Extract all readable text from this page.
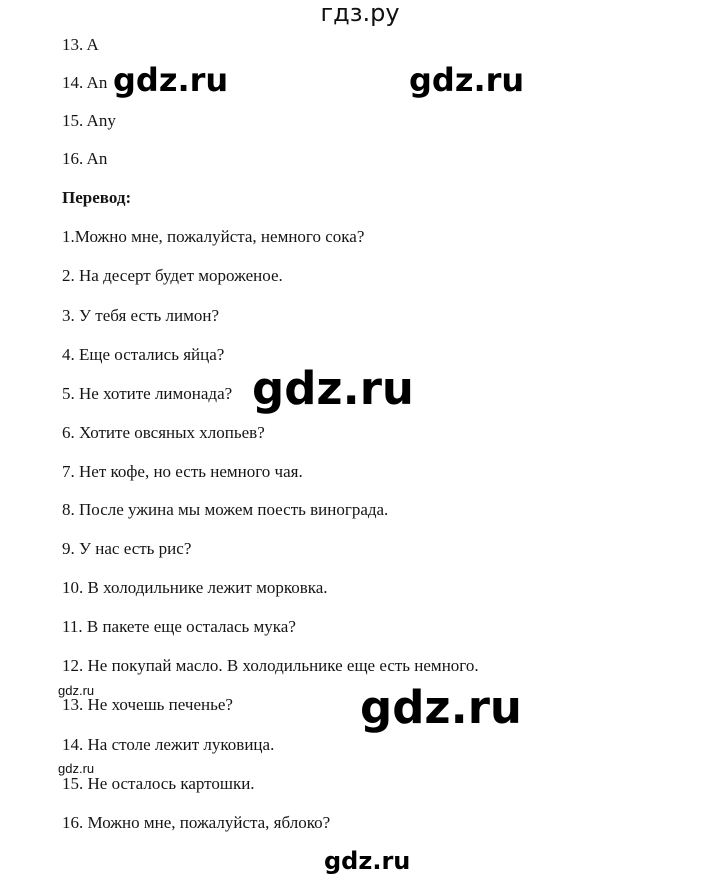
гдз.ру
13. A
14. An
15. Any
16. An
Перевод:
1.Можно мне, пожалуйста, немного сока?
2. На десерт будет мороженое.
3. У тебя есть лимон?
4. Еще остались яйца?
5. Не хотите лимонада?
6. Хотите овсяных хлопьев?
7. Нет кофе, но есть немного чая.
8. После ужина мы можем поесть винограда.
9. У нас есть рис?
10. В холодильнике лежит морковка.
11. В пакете еще осталась мука?
12. Не покупай масло. В холодильнике еще есть немного.
13. Не хочешь печенье?
14. На столе лежит луковица.
15. Не осталось картошки.
16. Можно мне, пожалуйста, яблоко?
gdz.ru	gdz.ru
gdz.ru
gdz.ru
gdz.ru
gdz.ru
gdz.ru
